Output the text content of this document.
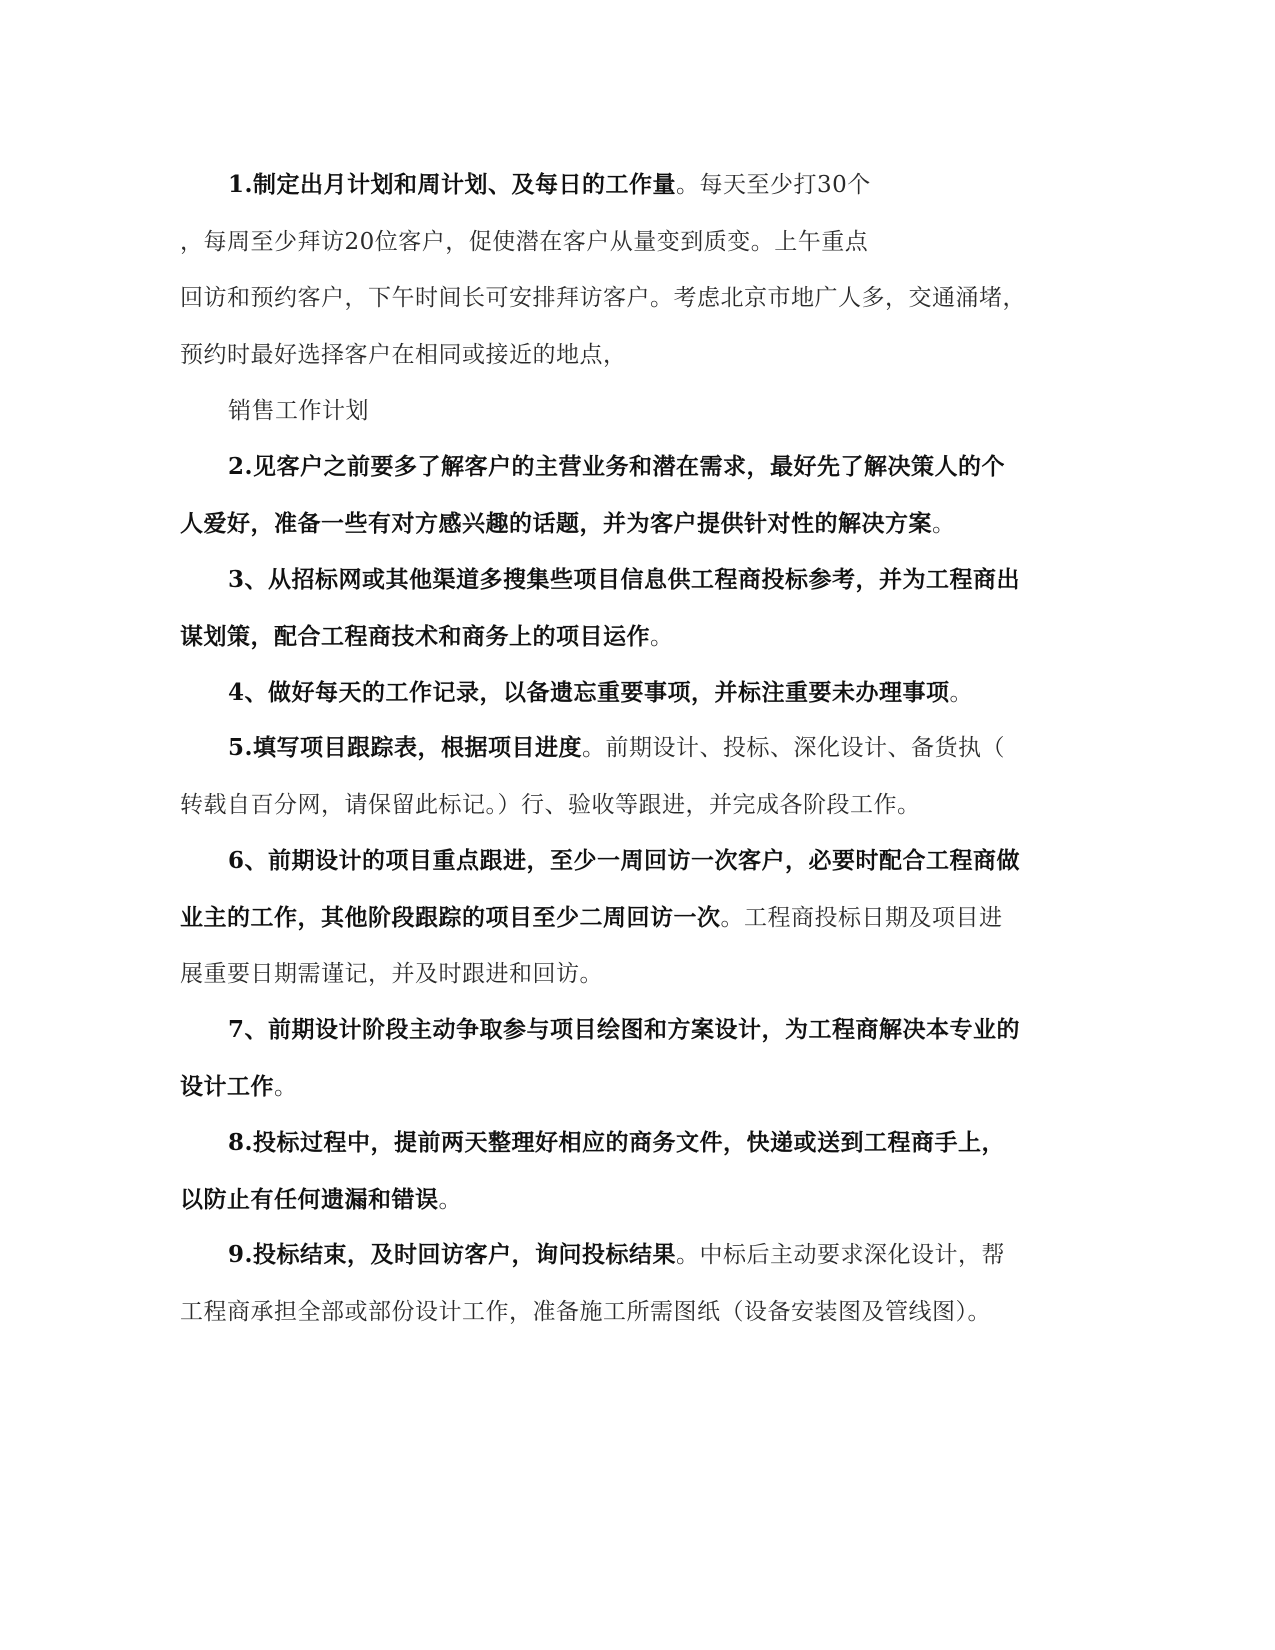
1.制定出月计划和周计划、及每日的工作量。每天至少打30个
，每周至少拜访20位客户，促使潜在客户从量变到质变。上午重点
回访和预约客户，下午时间长可安排拜访客户。考虑北京市地广人多，交通涌堵，
预约时最好选择客户在相同或接近的地点，
销售工作计划
2.见客户之前要多了解客户的主营业务和潜在需求，最好先了解决策人的个
人爱好，准备一些有对方感兴趣的话题，并为客户提供针对性的解决方案。
3、从招标网或其他渠道多搜集些项目信息供工程商投标参考，并为工程商出
谋划策，配合工程商技术和商务上的项目运作。
4、做好每天的工作记录，以备遗忘重要事项，并标注重要未办理事项。
5.填写项目跟踪表，根据项目进度。前期设计、投标、深化设计、备货执（
转载自百分网，请保留此标记。）行、验收等跟进，并完成各阶段工作。
6、前期设计的项目重点跟进，至少一周回访一次客户，必要时配合工程商做
业主的工作，其他阶段跟踪的项目至少二周回访一次。工程商投标日期及项目进
展重要日期需谨记，并及时跟进和回访。
7、前期设计阶段主动争取参与项目绘图和方案设计，为工程商解决本专业的
设计工作。
8.投标过程中，提前两天整理好相应的商务文件，快递或送到工程商手上，
以防止有任何遗漏和错误。
9.投标结束，及时回访客户，询问投标结果。中标后主动要求深化设计，帮
工程商承担全部或部份设计工作，准备施工所需图纸（设备安装图及管线图）。
